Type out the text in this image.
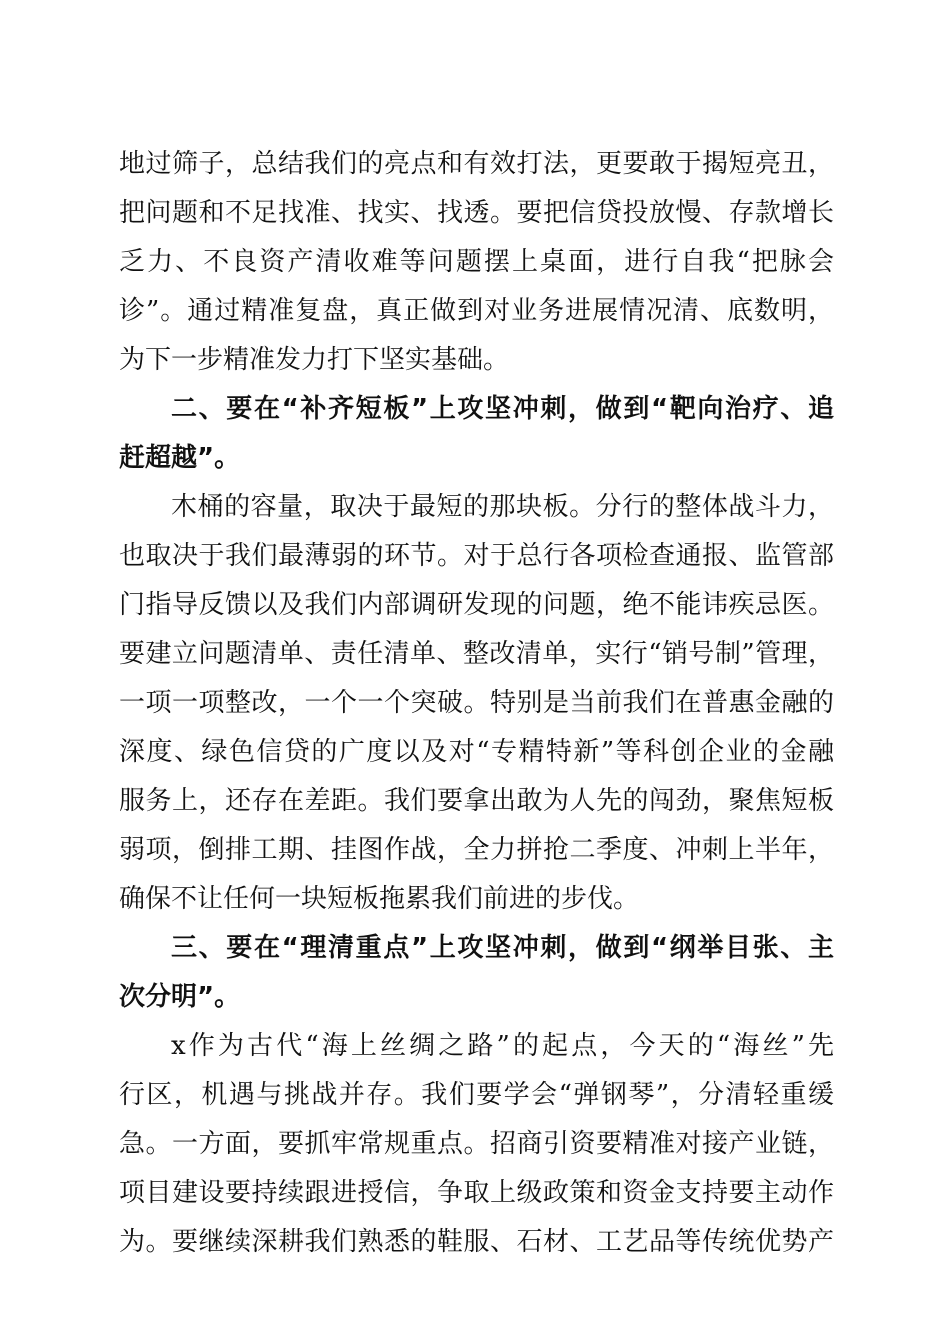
地过筛子，总结我们的亮点和有效打法，更要敢于揭短亮丑，
把问题和不足找准、找实、找透。要把信贷投放慢、存款增长
乏力、不良资产清收难等问题摆上桌面，进行自我“把脉会
诊”。通过精准复盘，真正做到对业务进展情况清、底数明，
为下一步精准发力打下坚实基础。
二、要在“补齐短板”上攻坚冲刺，做到“靶向治疗、追
赶超越”。
木桶的容量，取决于最短的那块板。分行的整体战斗力，
也取决于我们最薄弱的环节。对于总行各项检查通报、监管部
门指导反馈以及我们内部调研发现的问题，绝不能讳疾忌医。
要建立问题清单、责任清单、整改清单，实行“销号制”管理，
一项一项整改，一个一个突破。特别是当前我们在普惠金融的
深度、绿色信贷的广度以及对“专精特新”等科创企业的金融
服务上，还存在差距。我们要拿出敢为人先的闯劲，聚焦短板
弱项，倒排工期、挂图作战，全力拼抢二季度、冲刺上半年，
确保不让任何一块短板拖累我们前进的步伐。
三、要在“理清重点”上攻坚冲刺，做到“纲举目张、主
次分明”。
x作为古代“海上丝绸之路”的起点，今天的“海丝”先
行区，机遇与挑战并存。我们要学会“弹钢琴”，分清轻重缓
急。一方面，要抓牢常规重点。招商引资要精准对接产业链，
项目建设要持续跟进授信，争取上级政策和资金支持要主动作
为。要继续深耕我们熟悉的鞋服、石材、工艺品等传统优势产
